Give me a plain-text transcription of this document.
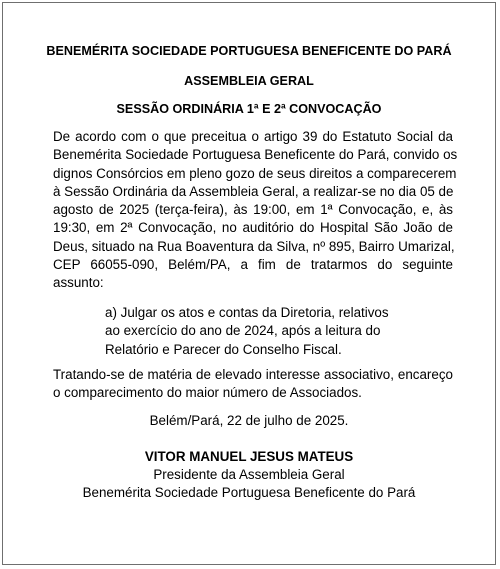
BENEMÉRITA SOCIEDADE PORTUGUESA BENEFICENTE DO PARÁ
ASSEMBLEIA GERAL
SESSÃO ORDINÁRIA 1ª E 2ª CONVOCAÇÃO
De acordo com o que preceitua o artigo 39 do Estatuto Social da
Benemérita Sociedade Portuguesa Beneficente do Pará, convido os
dignos Consórcios em pleno gozo de seus direitos a comparecerem
à Sessão Ordinária da Assembleia Geral, a realizar-se no dia 05 de
agosto de 2025 (terça-feira), às 19:00, em 1ª Convocação, e, às
19:30, em 2ª Convocação, no auditório do Hospital São João de
Deus, situado na Rua Boaventura da Silva, nº 895, Bairro Umarizal,
CEP 66055-090, Belém/PA, a fim de tratarmos do seguinte
assunto:
a) Julgar os atos e contas da Diretoria, relativos
ao exercício do ano de 2024, após a leitura do
Relatório e Parecer do Conselho Fiscal.
Tratando-se de matéria de elevado interesse associativo, encareço
o comparecimento do maior número de Associados.
Belém/Pará, 22 de julho de 2025.
VITOR MANUEL JESUS MATEUS
Presidente da Assembleia Geral
Benemérita Sociedade Portuguesa Beneficente do Pará
